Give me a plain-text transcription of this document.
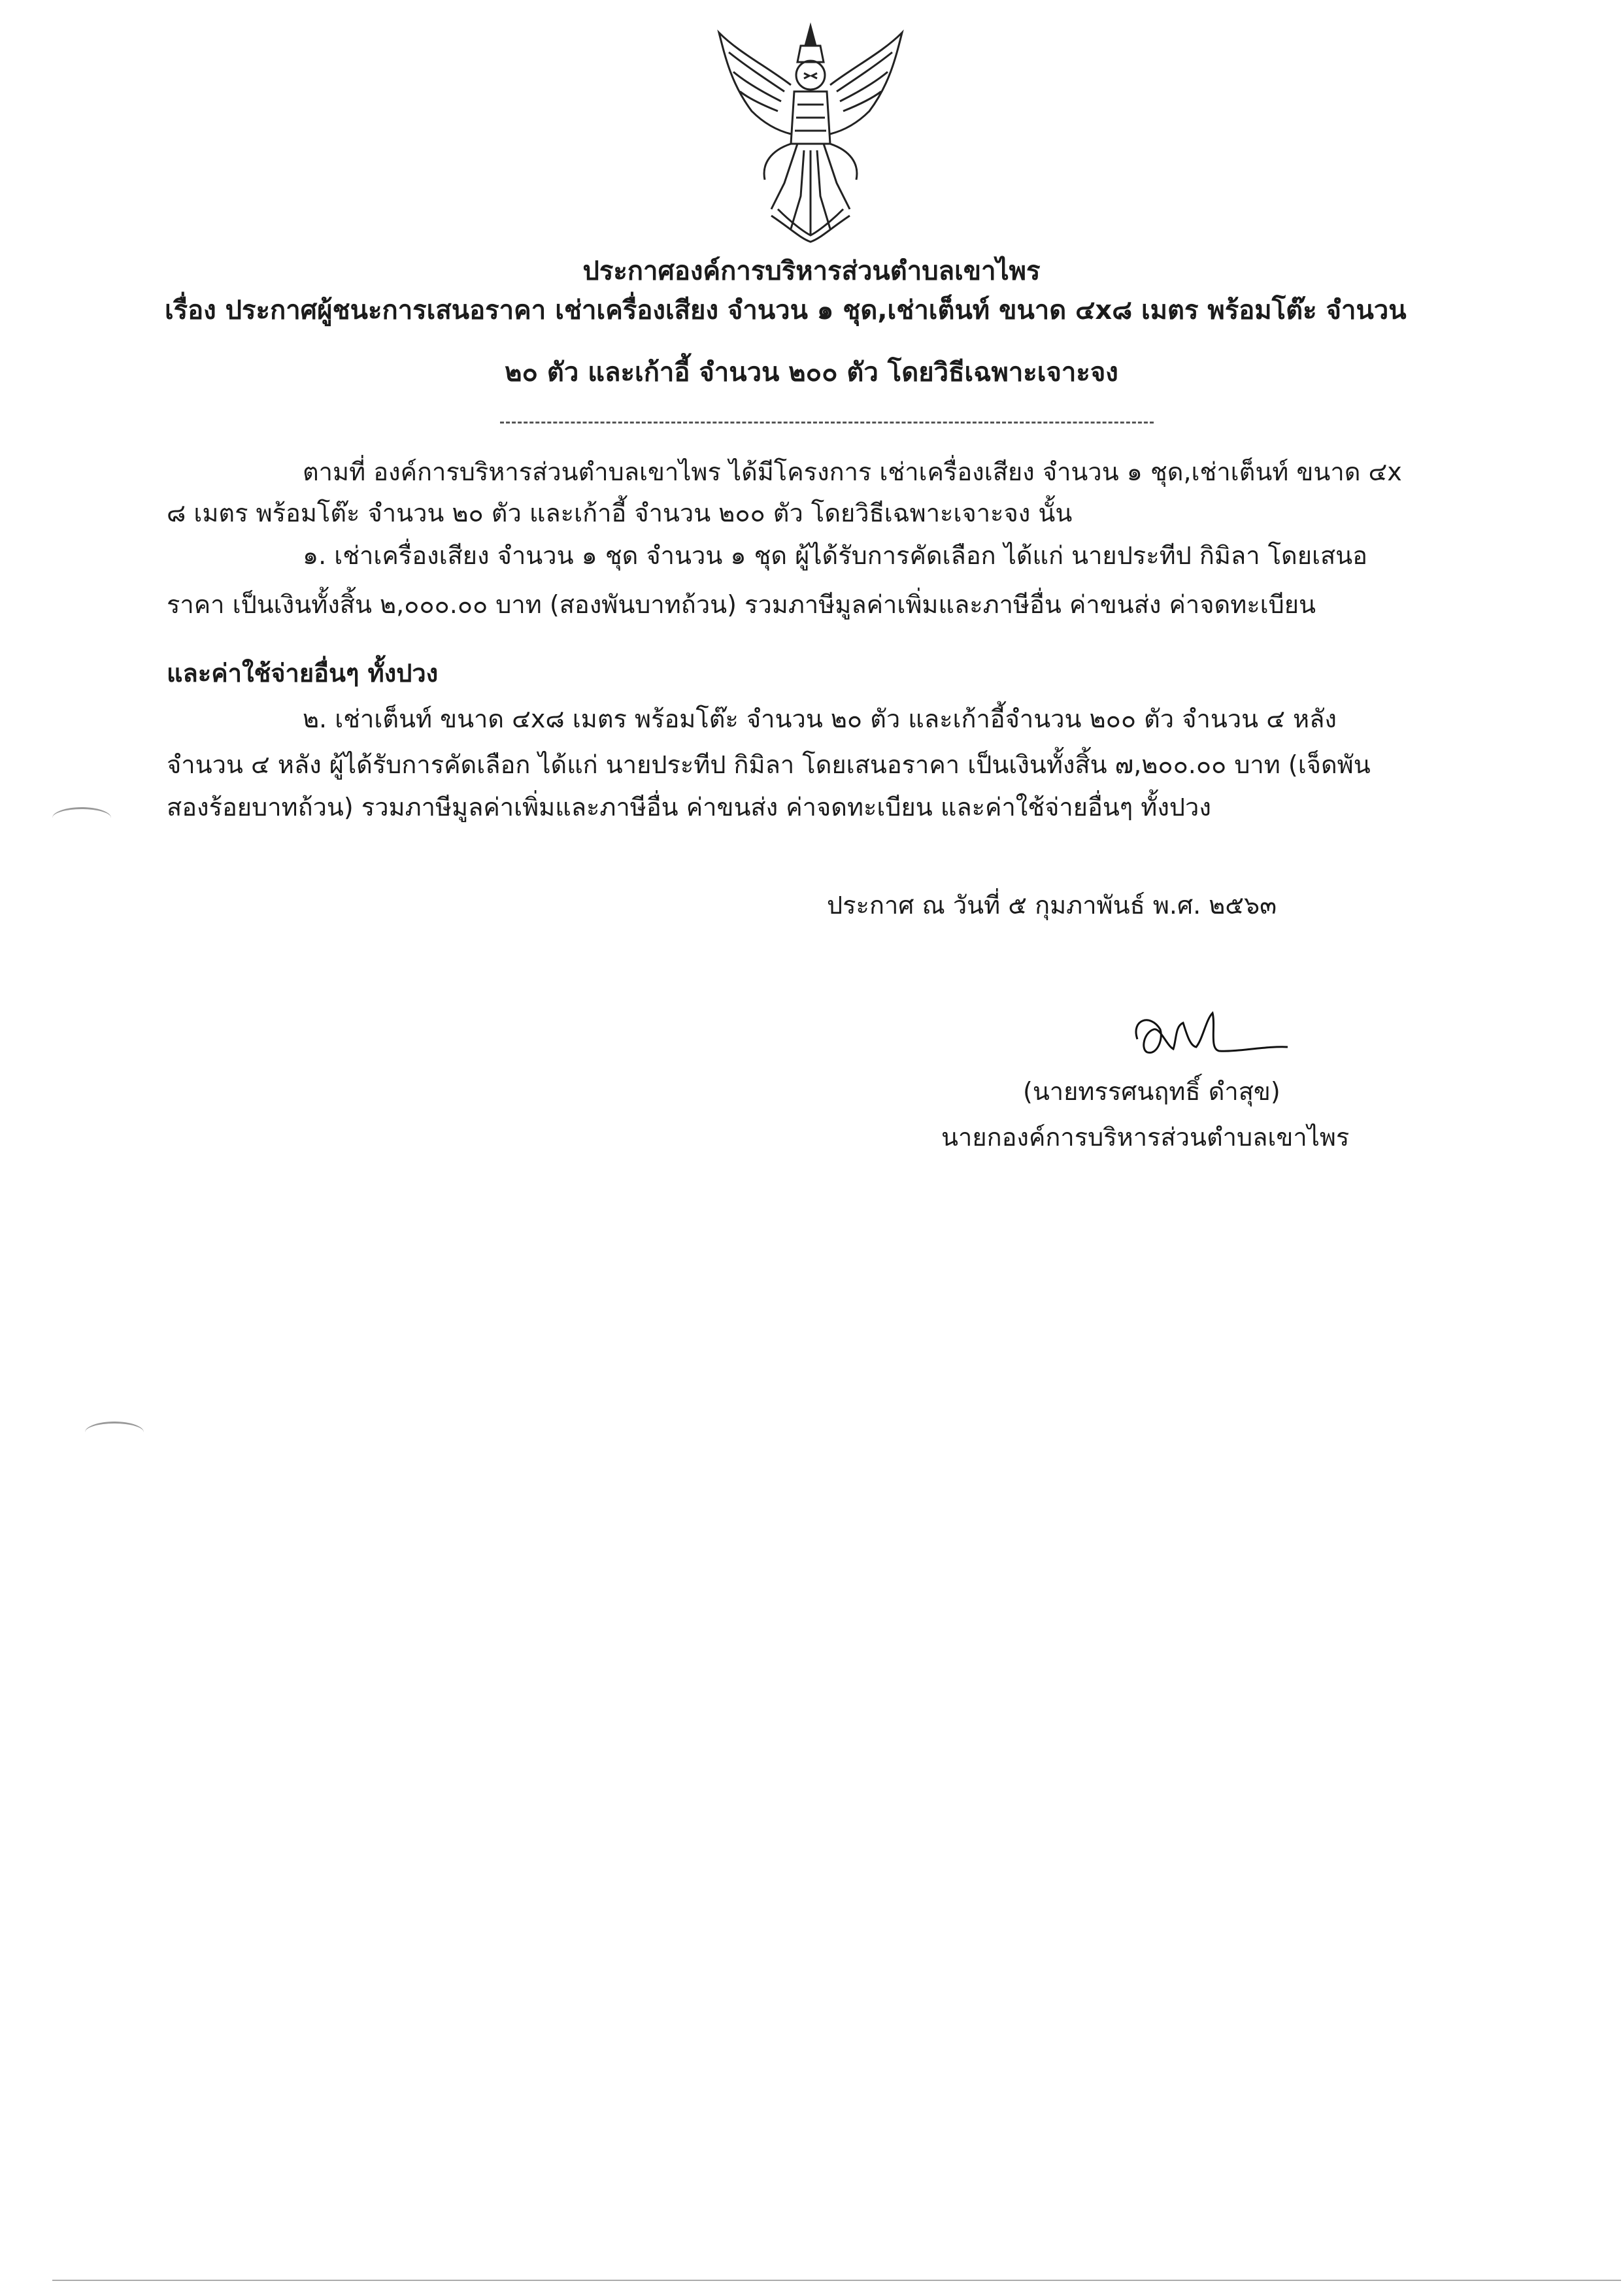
ประกาศองค์การบริหารส่วนตำบลเขาไพร
เรื่อง ประกาศผู้ชนะการเสนอราคา เช่าเครื่องเสียง จำนวน ๑ ชุด,เช่าเต็นท์ ขนาด ๔x๘ เมตร พร้อมโต๊ะ จำนวน
๒๐ ตัว และเก้าอี้ จำนวน ๒๐๐ ตัว โดยวิธีเฉพาะเจาะจง
ตามที่ องค์การบริหารส่วนตำบลเขาไพร ได้มีโครงการ เช่าเครื่องเสียง จำนวน ๑ ชุด,เช่าเต็นท์ ขนาด ๔x
๘ เมตร พร้อมโต๊ะ จำนวน ๒๐ ตัว และเก้าอี้ จำนวน ๒๐๐ ตัว โดยวิธีเฉพาะเจาะจง นั้น
๑. เช่าเครื่องเสียง จำนวน ๑ ชุด จำนวน ๑ ชุด ผู้ได้รับการคัดเลือก ได้แก่ นายประทีป กิมิลา โดยเสนอ
ราคา เป็นเงินทั้งสิ้น ๒,๐๐๐.๐๐ บาท (สองพันบาทถ้วน) รวมภาษีมูลค่าเพิ่มและภาษีอื่น ค่าขนส่ง ค่าจดทะเบียน
และค่าใช้จ่ายอื่นๆ ทั้งปวง
๒. เช่าเต็นท์ ขนาด ๔x๘ เมตร พร้อมโต๊ะ จำนวน ๒๐ ตัว และเก้าอี้จำนวน ๒๐๐ ตัว จำนวน ๔ หลัง
จำนวน ๔ หลัง ผู้ได้รับการคัดเลือก ได้แก่ นายประทีป กิมิลา โดยเสนอราคา เป็นเงินทั้งสิ้น ๗,๒๐๐.๐๐ บาท (เจ็ดพัน
สองร้อยบาทถ้วน) รวมภาษีมูลค่าเพิ่มและภาษีอื่น ค่าขนส่ง ค่าจดทะเบียน และค่าใช้จ่ายอื่นๆ ทั้งปวง
ประกาศ ณ วันที่ ๕ กุมภาพันธ์ พ.ศ. ๒๕๖๓
(นายทรรศนฤทธิ์ ดำสุข)
นายกองค์การบริหารส่วนตำบลเขาไพร
